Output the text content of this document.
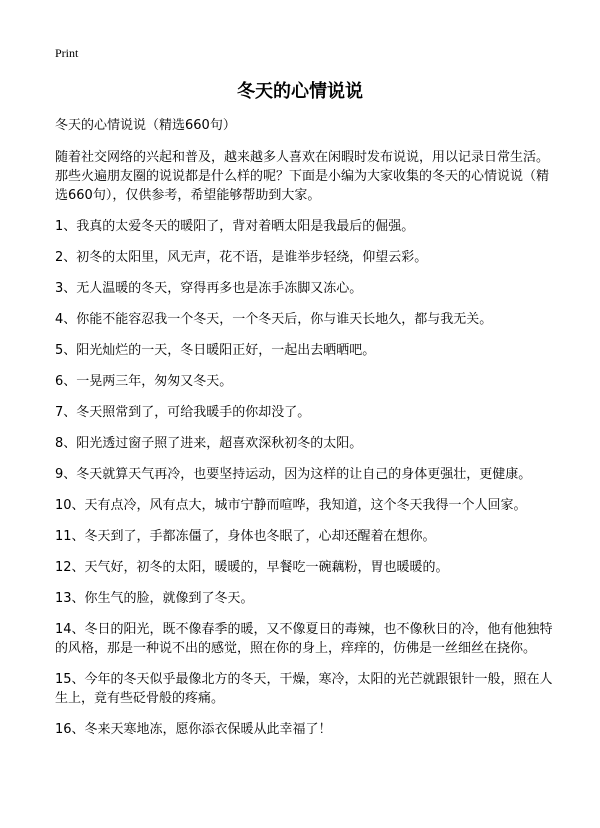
Print
冬天的心情说说
冬天的心情说说（精选660句）
随着社交网络的兴起和普及，越来越多人喜欢在闲暇时发布说说，用以记录日常生活。那些火遍朋友圈的说说都是什么样的呢？下面是小编为大家收集的冬天的心情说说（精选660句），仅供参考，希望能够帮助到大家。
1、我真的太爱冬天的暖阳了，背对着晒太阳是我最后的倔强。
2、初冬的太阳里，风无声，花不语，是谁举步轻绕，仰望云彩。
3、无人温暖的冬天，穿得再多也是冻手冻脚又冻心。
4、你能不能容忍我一个冬天，一个冬天后，你与谁天长地久，都与我无关。
5、阳光灿烂的一天，冬日暖阳正好，一起出去晒晒吧。
6、一晃两三年，匆匆又冬天。
7、冬天照常到了，可给我暖手的你却没了。
8、阳光透过窗子照了进来，超喜欢深秋初冬的太阳。
9、冬天就算天气再冷，也要坚持运动，因为这样的让自己的身体更强壮，更健康。
10、天有点冷，风有点大，城市宁静而喧哗，我知道，这个冬天我得一个人回家。
11、冬天到了，手都冻僵了，身体也冬眠了，心却还醒着在想你。
12、天气好，初冬的太阳，暖暖的，早餐吃一碗藕粉，胃也暖暖的。
13、你生气的脸，就像到了冬天。
14、冬日的阳光，既不像春季的暖，又不像夏日的毒辣，也不像秋日的冷，他有他独特的风格，那是一种说不出的感觉，照在你的身上，痒痒的，仿佛是一丝细丝在挠你。
15、今年的冬天似乎最像北方的冬天，干燥，寒冷，太阳的光芒就跟银针一般，照在人生上，竟有些砭骨般的疼痛。
16、冬来天寒地冻，愿你添衣保暖从此幸福了！
